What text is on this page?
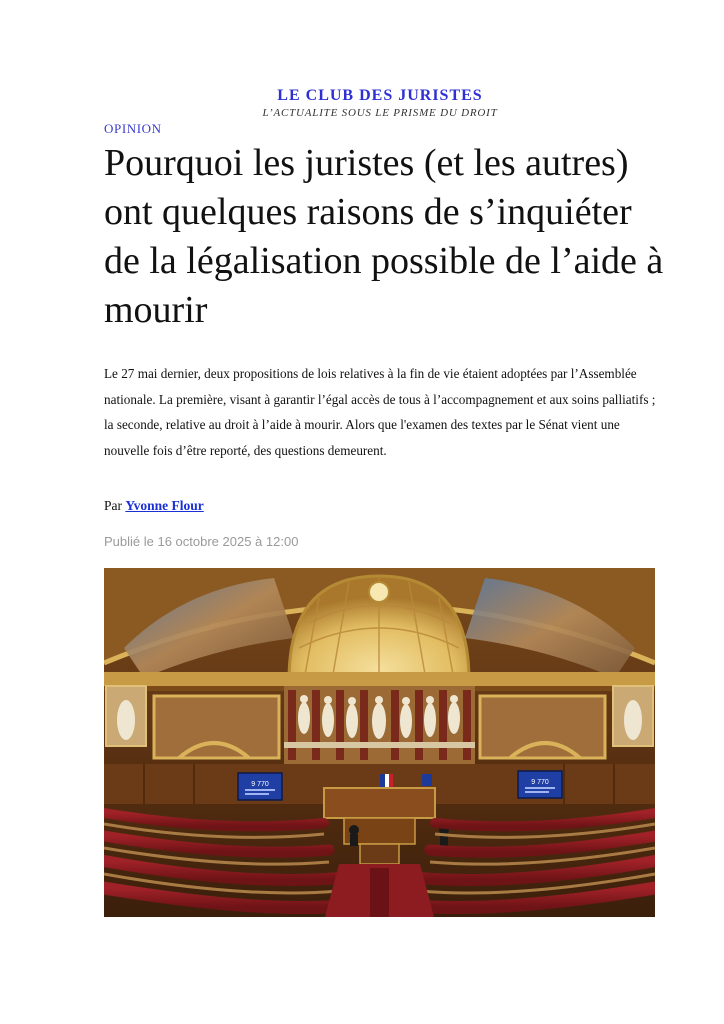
LE CLUB DES JURISTES
L’ACTUALITE SOUS LE PRISME DU DROIT
OPINION
Pourquoi les juristes (et les autres) ont quelques raisons de s’inquiéter de la légalisation possible de l’aide à mourir

Le 27 mai dernier, deux propositions de lois relatives à la fin de vie étaient adoptées par l’Assemblée nationale. La première, visant à garantir l’égal accès de tous à l’accompagnement et aux soins palliatifs ; la seconde, relative au droit à l’aide à mourir. Alors que l'examen des textes par le Sénat vient une nouvelle fois d’être reporté, des questions demeurent.

Par Yvonne Flour
Publié le 16 octobre 2025 à 12:00
9 770	9 770
